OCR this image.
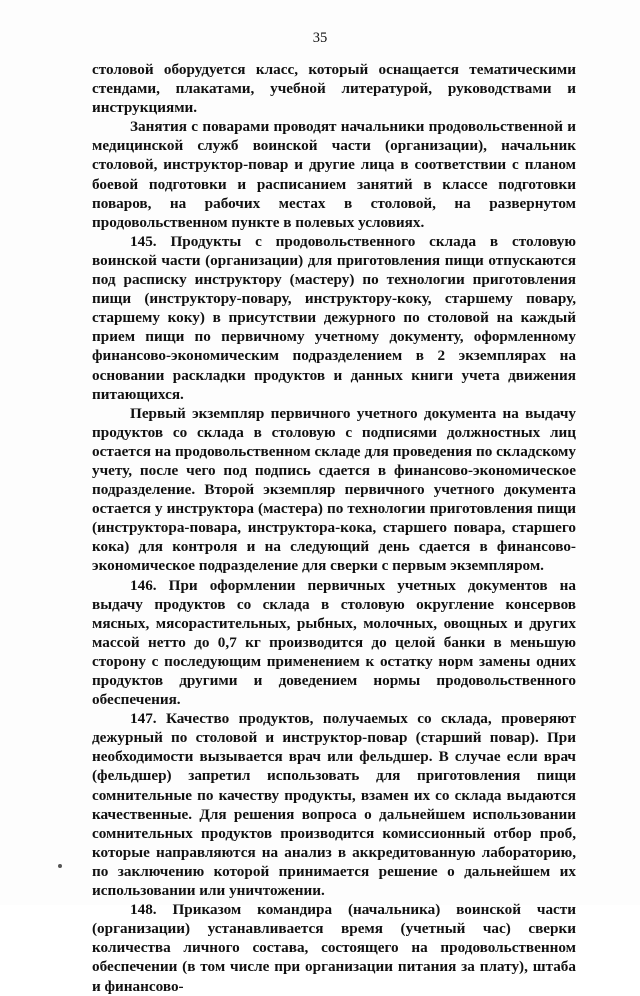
35

столовой оборудуется класс, который оснащается тематическими стендами, плакатами, учебной литературой, руководствами и инструкциями.

Занятия с поварами проводят начальники продовольственной и медицинской служб воинской части (организации), начальник столовой, инструктор-повар и другие лица в соответствии с планом боевой подготовки и расписанием занятий в классе подготовки поваров, на рабочих местах в столовой, на развернутом продовольственном пункте в полевых условиях.

145. Продукты с продовольственного склада в столовую воинской части (организации) для приготовления пищи отпускаются под расписку инструктору (мастеру) по технологии приготовления пищи (инструктору-повару, инструктору-коку, старшему повару, старшему коку) в присутствии дежурного по столовой на каждый прием пищи по первичному учетному документу, оформленному финансово-экономическим подразделением в 2 экземплярах на основании раскладки продуктов и данных книги учета движения питающихся.

Первый экземпляр первичного учетного документа на выдачу продуктов со склада в столовую с подписями должностных лиц остается на продовольственном складе для проведения по складскому учету, после чего под подпись сдается в финансово-экономическое подразделение. Второй экземпляр первичного учетного документа остается у инструктора (мастера) по технологии приготовления пищи (инструктора-повара, инструктора-кока, старшего повара, старшего кока) для контроля и на следующий день сдается в финансово-экономическое подразделение для сверки с первым экземпляром.

146. При оформлении первичных учетных документов на выдачу продуктов со склада в столовую округление консервов мясных, мясорастительных, рыбных, молочных, овощных и других массой нетто до 0,7 кг производится до целой банки в меньшую сторону с последующим применением к остатку норм замены одних продуктов другими и доведением нормы продовольственного обеспечения.

147. Качество продуктов, получаемых со склада, проверяют дежурный по столовой и инструктор-повар (старший повар). При необходимости вызывается врач или фельдшер. В случае если врач (фельдшер) запретил использовать для приготовления пищи сомнительные по качеству продукты, взамен их со склада выдаются качественные. Для решения вопроса о дальнейшем использовании сомнительных продуктов производится комиссионный отбор проб, которые направляются на анализ в аккредитованную лабораторию, по заключению которой принимается решение о дальнейшем их использовании или уничтожении.

148. Приказом командира (начальника) воинской части (организации) устанавливается время (учетный час) сверки количества личного состава, состоящего на продовольственном обеспечении (в том числе при организации питания за плату), штаба и финансово-
